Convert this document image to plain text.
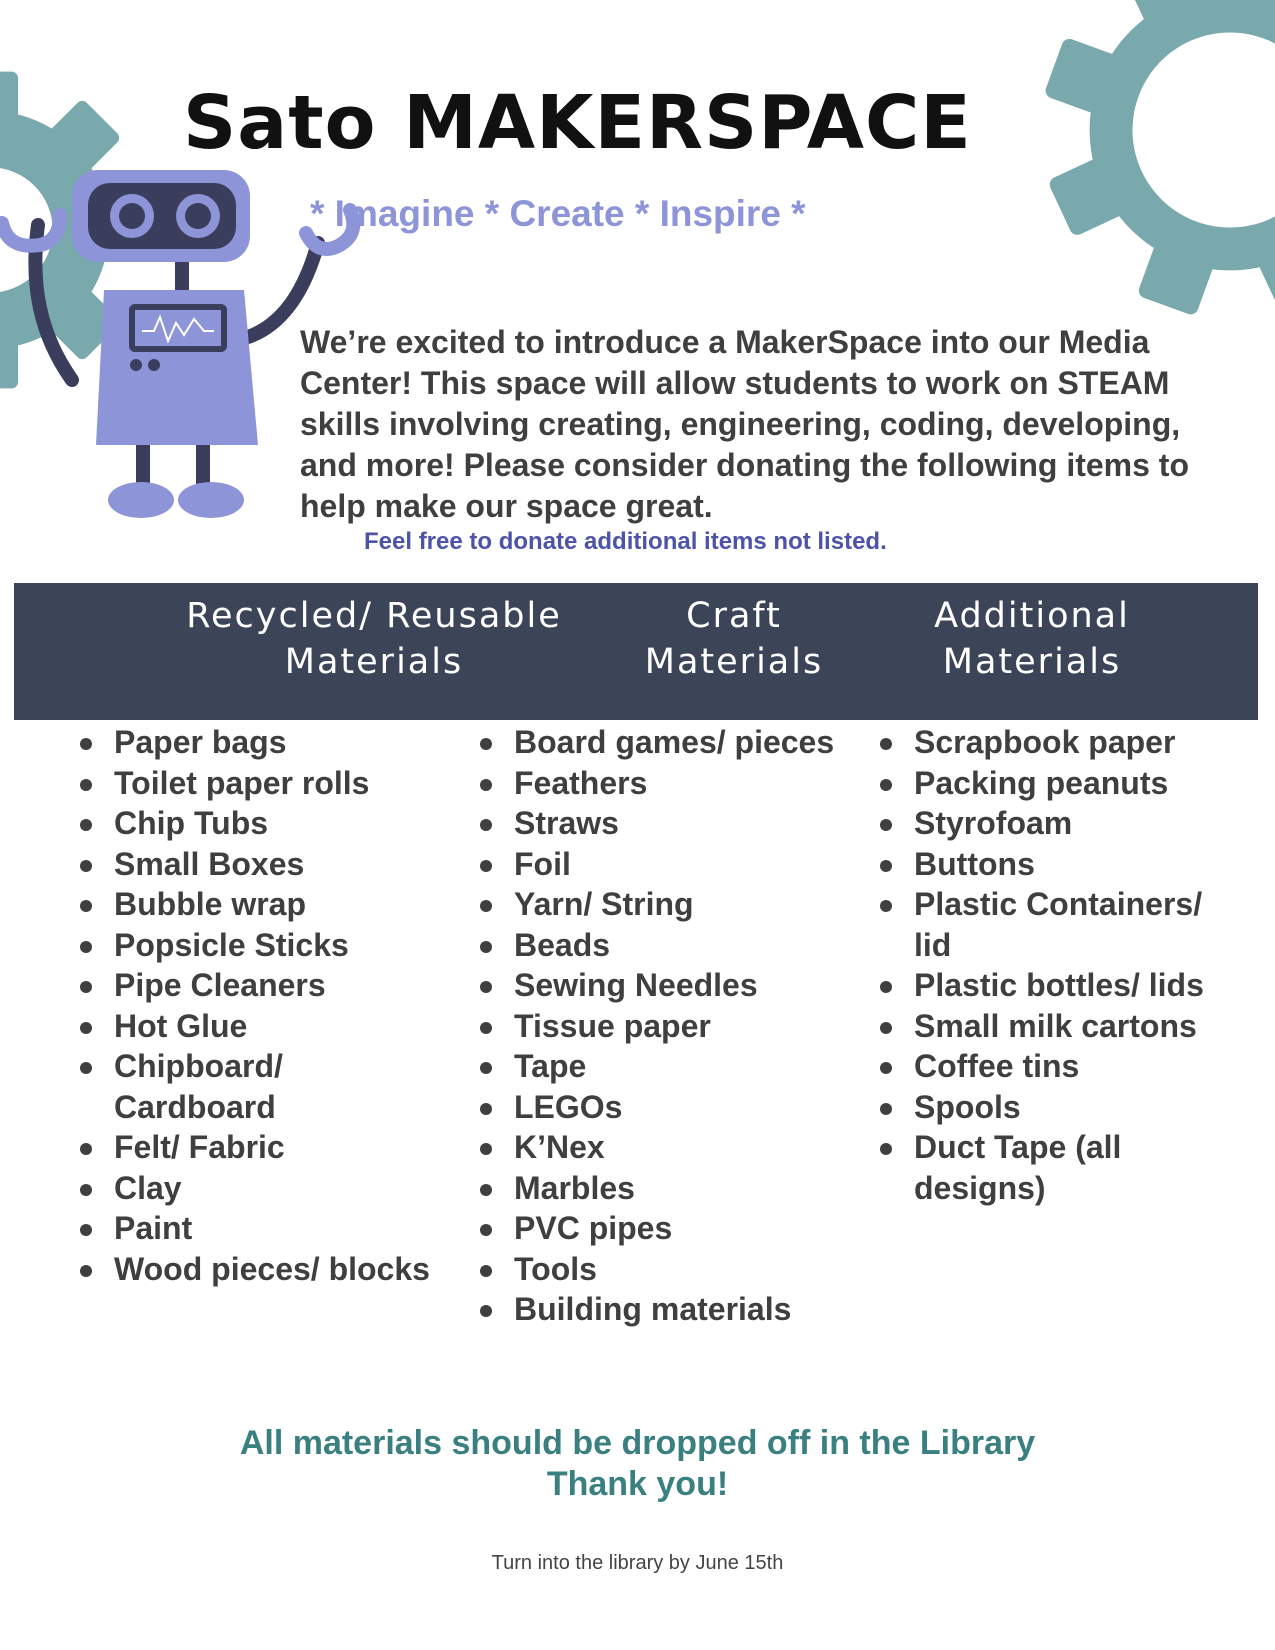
Sato MAKERSPACE
* Imagine * Create * Inspire *

We’re excited to introduce a MakerSpace into our Media Center! This space will allow students to work on STEAM skills involving creating, engineering, coding, developing, and more! Please consider donating the following items to help make our space great.

Feel free to donate additional items not listed.
Recycled/ Reusable
Materials
Craft
Materials
Additional
Materials
Paper bags
Toilet paper rolls
Chip Tubs
Small Boxes
Bubble wrap
Popsicle Sticks
Pipe Cleaners
Hot Glue
Chipboard/ Cardboard
Felt/ Fabric
Clay
Paint
Wood pieces/ blocks
Board games/ pieces
Feathers
Straws
Foil
Yarn/ String
Beads
Sewing Needles
Tissue paper
Tape
LEGOs
K’Nex
Marbles
PVC pipes
Tools
Building materials
Scrapbook paper
Packing peanuts
Styrofoam
Buttons
Plastic Containers/ lid
Plastic bottles/ lids
Small milk cartons
Coffee tins
Spools
Duct Tape (all designs)

All materials should be dropped off in the Library
Thank you!

Turn into the library by June 15th
